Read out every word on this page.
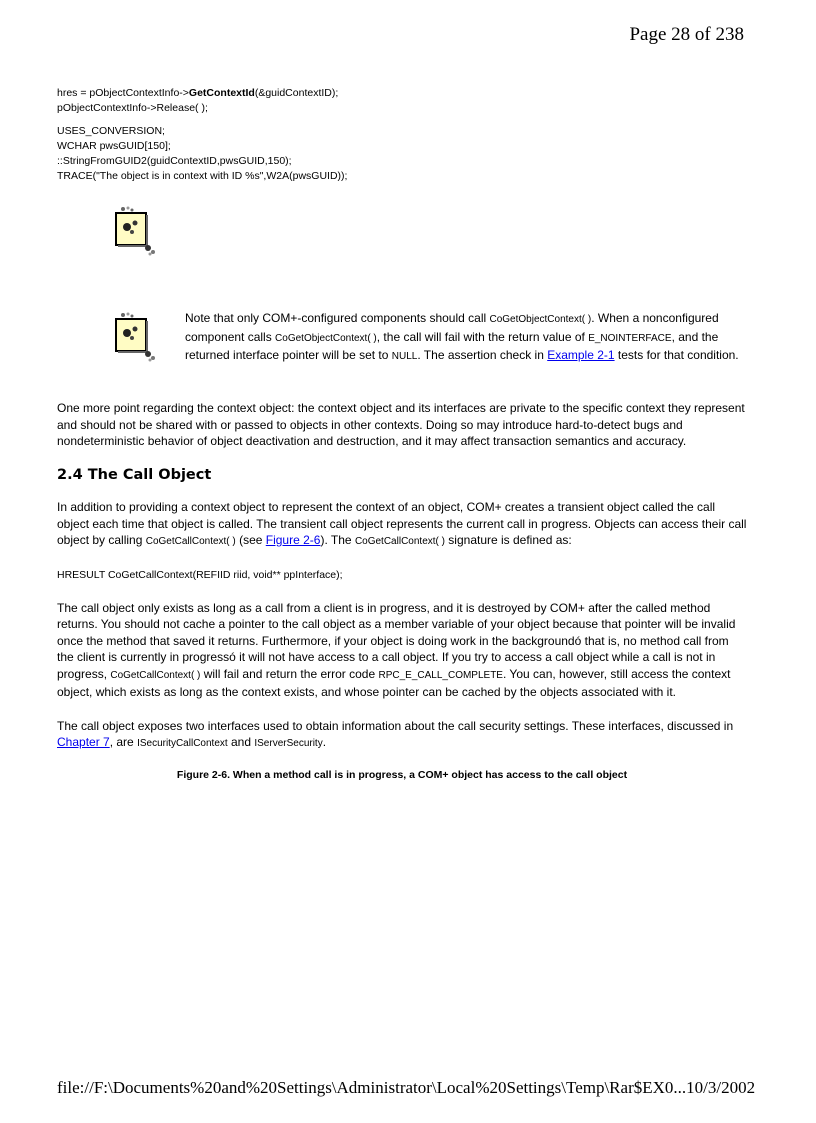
Page 28 of 238
hres = pObjectContextInfo->GetContextId(&guidContextID);
pObjectContextInfo->Release( );
USES_CONVERSION;
WCHAR pwsGUID[150];
::StringFromGUID2(guidContextID,pwsGUID,150);
TRACE("The object is in context with ID %s",W2A(pwsGUID));
Note that only COM+-configured components should call CoGetObjectContext( ). When a nonconfigured component calls CoGetObjectContext( ), the call will fail with the return value of E_NOINTERFACE, and the returned interface pointer will be set to NULL. The assertion check in Example 2-1 tests for that condition.

One more point regarding the context object: the context object and its interfaces are private to the specific context they represent and should not be shared with or passed to objects in other contexts. Doing so may introduce hard-to-detect bugs and nondeterministic behavior of object deactivation and destruction, and it may affect transaction semantics and accuracy.

2.4 The Call Object

In addition to providing a context object to represent the context of an object, COM+ creates a transient object called the call object each time that object is called. The transient call object represents the current call in progress. Objects can access their call object by calling CoGetCallContext( ) (see Figure 2-6). The CoGetCallContext( ) signature is defined as:

HRESULT CoGetCallContext(REFIID riid, void** ppInterface);

The call object only exists as long as a call from a client is in progress, and it is destroyed by COM+ after the called method returns. You should not cache a pointer to the call object as a member variable of your object because that pointer will be invalid once the method that saved it returns. Furthermore, if your object is doing work in the backgroundó that is, no method call from the client is currently in progressó it will not have access to a call object. If you try to access a call object while a call is not in progress, CoGetCallContext( ) will fail and return the error code RPC_E_CALL_COMPLETE. You can, however, still access the context object, which exists as long as the context exists, and whose pointer can be cached by the objects associated with it.

The call object exposes two interfaces used to obtain information about the call security settings. These interfaces, discussed in Chapter 7, are ISecurityCallContext and IServerSecurity.

Figure 2-6. When a method call is in progress, a COM+ object has access to the call object
file://F:\Documents%20and%20Settings\Administrator\Local%20Settings\Temp\Rar$EX0... 10/3/2002
